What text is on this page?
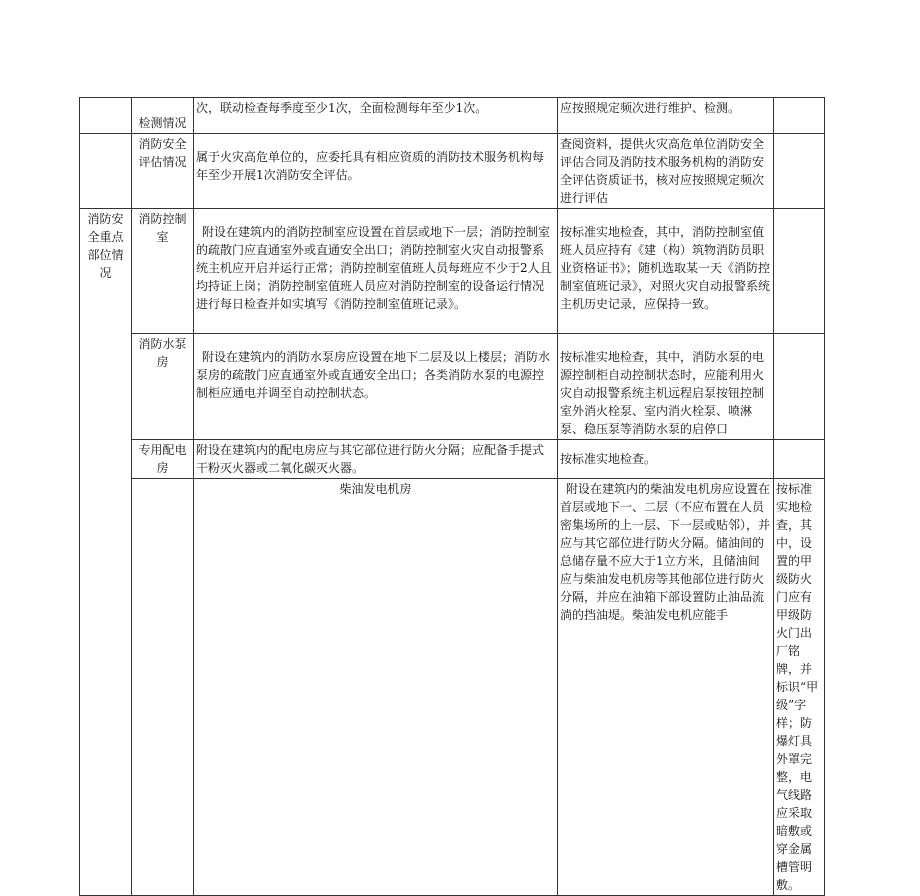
	检测情况	次，联动检查每季度至少1次，全面检测每年至少1次。	应按照规定频次进行维护、检测。		
	消防安全评估情况	属于火灾高危单位的，应委托具有相应资质的消防技术服务机构每年至少开展1次消防安全评估。	查阅资料，提供火灾高危单位消防安全评估合同及消防技术服务机构的消防安全评估资质证书，核对应按照规定频次进行评估		
消防安全重点部位情况	消防控制室	附设在建筑内的消防控制室应设置在首层或地下一层；消防控制室的疏散门应直通室外或直通安全出口；消防控制室火灾自动报警系统主机应开启并运行正常；消防控制室值班人员每班应不少于2人且均持证上岗；消防控制室值班人员应对消防控制室的设备运行情况进行每日检查并如实填写《消防控制室值班记录》。	按标准实地检查，其中，消防控制室值班人员应持有《建（构）筑物消防员职业资格证书》；随机选取某一天《消防控制室值班记录》，对照火灾自动报警系统主机历史记录，应保持一致。		
	消防水泵房	附设在建筑内的消防水泵房应设置在地下二层及以上楼层；消防水泵房的疏散门应直通室外或直通安全出口；各类消防水泵的电源控制柜应通电并调至自动控制状态。	按标准实地检查，其中，消防水泵的电源控制柜自动控制状态时，应能利用火灾自动报警系统主机远程启泵按钮控制室外消火栓泵、室内消火栓泵、喷淋泵、稳压泵等消防水泵的启停口		
	专用配电房	附设在建筑内的配电房应与其它部位进行防火分隔；应配备手提式干粉灭火器或二氧化碳灭火器。	按标准实地检查。		
		柴油发电机房	附设在建筑内的柴油发电机房应设置在首层或地下一、二层（不应布置在人员密集场所的上一层、下一层或贴邻），并应与其它部位进行防火分隔。储油间的总储存量不应大于1立方米，且储油间应与柴油发电机房等其他部位进行防火分隔，并应在油箱下部设置防止油品流淌的挡油堤。柴油发电机应能手	按标准实地检查，其中，设置的甲级防火门应有甲级防火门出厂铭牌，并标识“甲级”字样；防爆灯具外罩完整，电气线路应采取暗敷或穿金属槽管明敷。	
